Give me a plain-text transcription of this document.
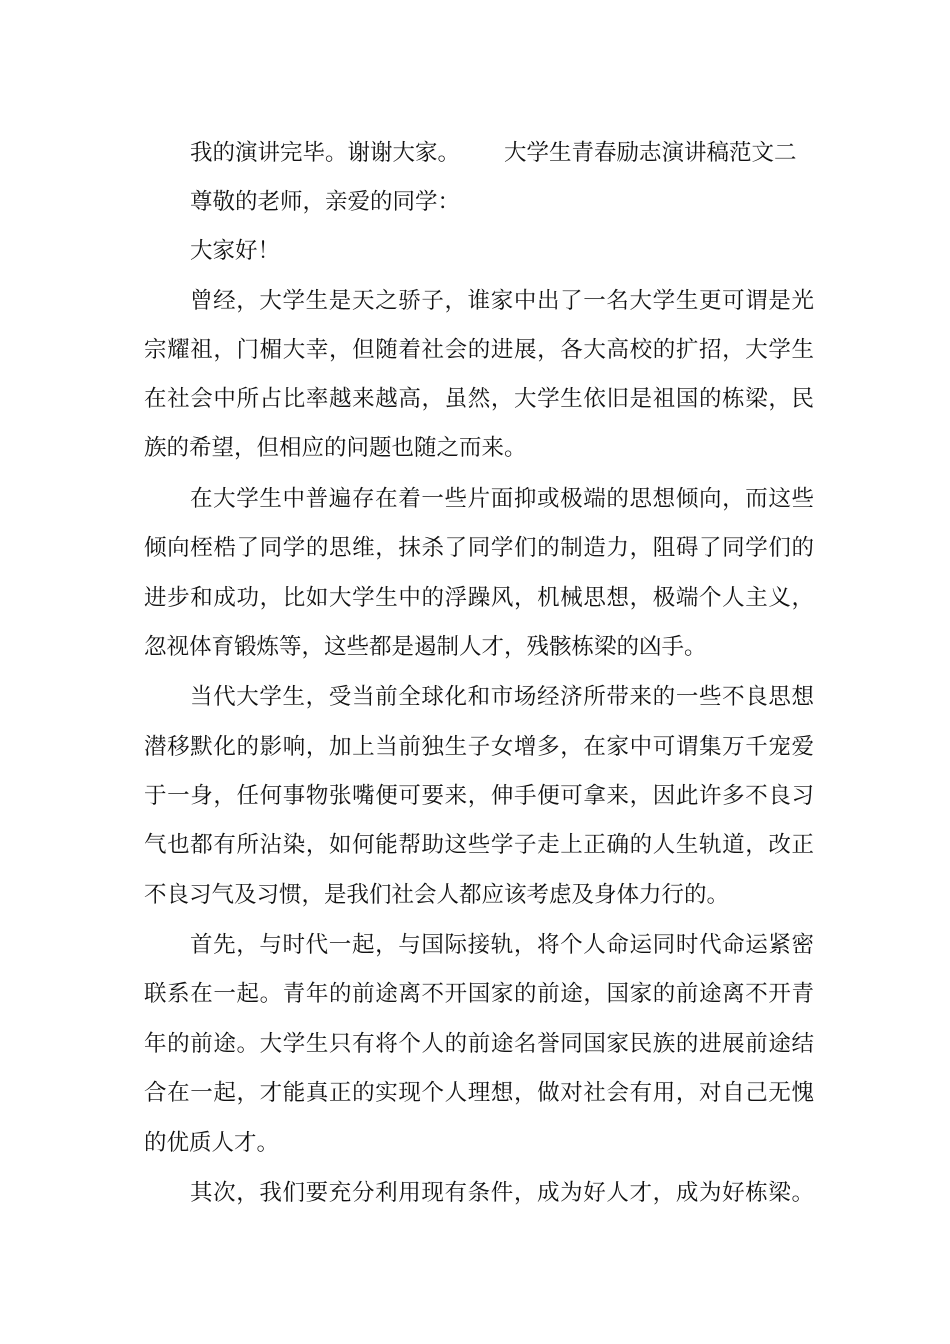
我的演讲完毕。谢谢大家。 大学生青春励志演讲稿范文二
尊敬的老师，亲爱的同学：
大家好！
曾经，大学生是天之骄子，谁家中出了一名大学生更可谓是光
宗耀祖，门楣大幸，但随着社会的进展，各大高校的扩招，大学生
在社会中所占比率越来越高，虽然，大学生依旧是祖国的栋梁，民
族的希望，但相应的问题也随之而来。
在大学生中普遍存在着一些片面抑或极端的思想倾向，而这些
倾向桎梏了同学的思维，抹杀了同学们的制造力，阻碍了同学们的
进步和成功，比如大学生中的浮躁风，机械思想，极端个人主义，
忽视体育锻炼等，这些都是遏制人才，残骸栋梁的凶手。
当代大学生，受当前全球化和市场经济所带来的一些不良思想
潜移默化的影响，加上当前独生子女增多，在家中可谓集万千宠爱
于一身，任何事物张嘴便可要来，伸手便可拿来，因此许多不良习
气也都有所沾染，如何能帮助这些学子走上正确的人生轨道，改正
不良习气及习惯，是我们社会人都应该考虑及身体力行的。
首先，与时代一起，与国际接轨，将个人命运同时代命运紧密
联系在一起。青年的前途离不开国家的前途，国家的前途离不开青
年的前途。大学生只有将个人的前途名誉同国家民族的进展前途结
合在一起，才能真正的实现个人理想，做对社会有用，对自己无愧
的优质人才。
其次，我们要充分利用现有条件，成为好人才，成为好栋梁。
